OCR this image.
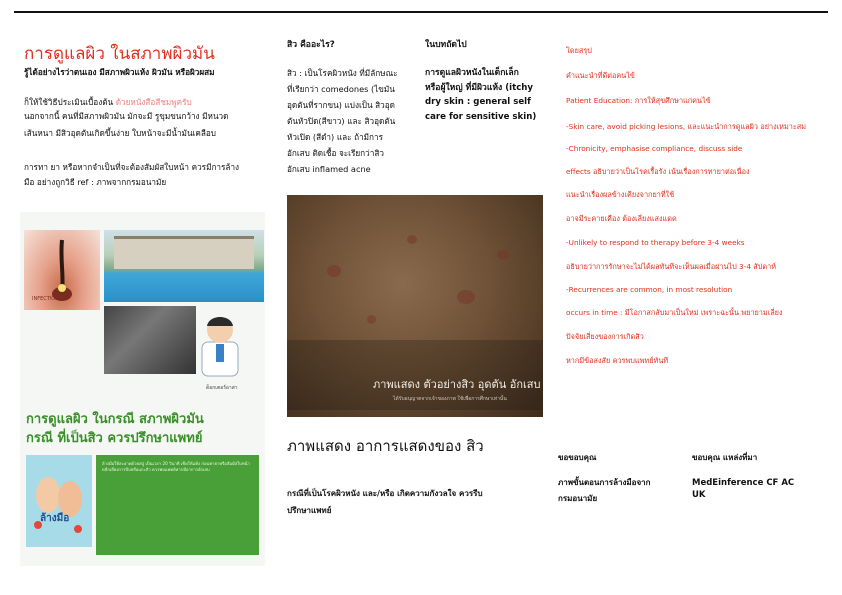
การดูแลผิว ในสภาพผิวมัน
รู้ได้อย่างไรว่าตนเอง มีสภาพผิวแห้ง ผิวมัน หรือผิวผสม
ก็ให้ใช้วิธีประเมินเบื้องต้น ด้วยหนังสือสีชมพูครับ
นอกจากนี้ คนที่มีสภาพผิวมัน มักจะมี รูขุมขนกว้าง มีหนวด
เส้นหนา มีสิวอุดตันเกิดขึ้นง่าย ใบหน้าจะมีน้ำมันเคลือบ
การทา ยา หรือหากจำเป็นที่จะต้องสัมผัสใบหน้า ควรมีการล้าง
มือ อย่างถูกวิธี ref : ภาพจากกรมอนามัย
INFECTION
ด็อกเตอร์อาสา
การดูแลผิว ในกรณี สภาพผิวมัน
กรณี ที่เป็นสิว ควรปรึกษาแพทย์
ล้างมือ
ล้างมือให้สะอาดด้วยสบู่ เป็นเวลา 20 วินาที เช็ดให้แห้ง ก่อนทายาหรือสัมผัสใบหน้า หลีกเลี่ยงการบีบหรือแกะสิว ควรพบแพทย์หากมีอาการอักเสบ
สิว คืออะไร?
สิว : เป็นโรคผิวหนัง ที่มีลักษณะ
ที่เรียกว่า comedones (ไขมัน
อุดตันที่รากขน) แบ่งเป็น สิวอุด
ตันหัวปิด(สีขาว) และ สิวอุดตัน
หัวเปิด (สีดำ) และ ถ้ามีการ
อักเสบ ติดเชื้อ จะเรียกว่าสิว
อักเสบ inflamed acne
ในบทถัดไป
การดูแลผิวหนังในเด็กเล็ก
หรือผู้ใหญ่ ที่มีผิวแห้ง (itchy
dry skin : general self
care for sensitive skin)
ภาพแสดง ตัวอย่างสิว อุดตัน อักเสบ
ได้รับอนุญาตจากเจ้าของภาพ ใช้เพื่อการศึกษาเท่านั้น
โดยสรุป
คำแนะนำที่ดีต่อคนไข้
Patient Education: การให้สุขศึกษาแก่คนไข้
-Skin care, avoid picking lesions, และแนะนำการดูแลผิว อย่างเหมาะสม
-Chronicity, emphasise compliance, discuss side
effects อธิบายว่าเป็นโรคเรื้อรัง เน้นเรื่องการทายาต่อเนื่อง
แนะนำเรื่องผลข้างเคียงจากยาที่ใช้
อาจมีระคายเคือง ต้องเลี่ยงแสงแดด
-Unlikely to respond to therapy before 3-4 weeks
อธิบายว่าการรักษาจะไม่ได้ผลทันทีจะเห็นผลเมื่อผ่านไป 3-4 สัปดาห์
-Recurrences are common, in most resolution
occurs in time : มีโอกาสกลับมาเป็นใหม่ เพราะฉะนั้น พยายามเลี่ยง
ปัจจัยเสี่ยงของการเกิดสิว
หากมีข้อสงสัย ควรพบแพทย์ทันที
ภาพแสดง อาการแสดงของ สิว
กรณีที่เป็นโรคผิวหนัง และ/หรือ เกิดความกังวลใจ ควรรีบ
ปรึกษาแพทย์
ขอขอบคุณ
ภาพขั้นตอนการล้างมือจาก
กรมอนามัย
ขอบคุณ แหล่งที่มา
MedEinference CF AC
UK
